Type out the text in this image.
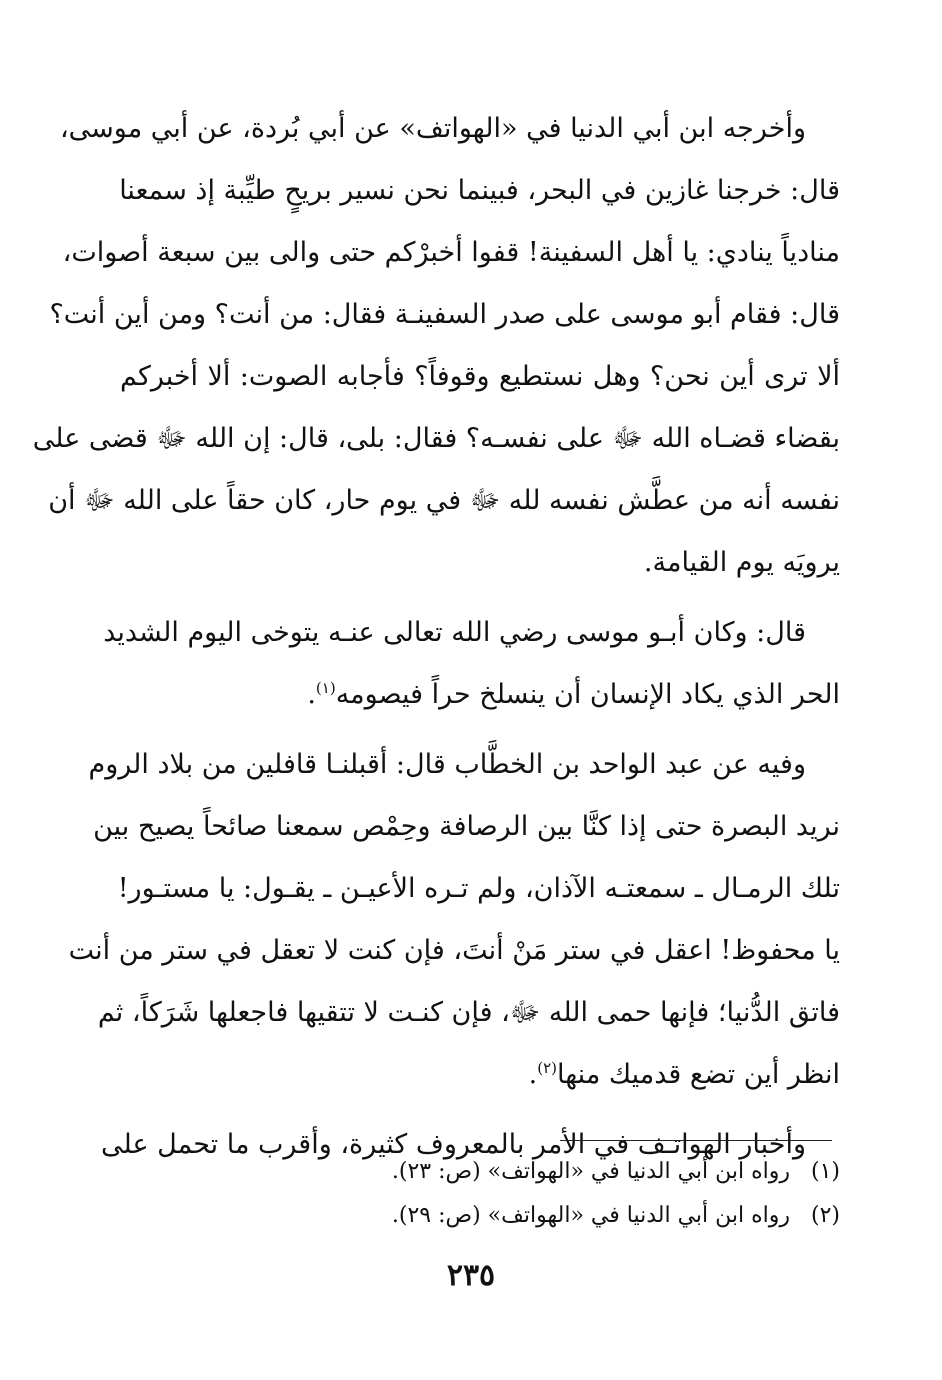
وأخرجه ابن أبي الدنيا في «الهواتف» عن أبي بُردة، عن أبي موسى،
قال: خرجنا غازين في البحر، فبينما نحن نسير بريحٍ طيِّبة إذ سمعنا
منادياً ينادي: يا أهل السفينة! قفوا أخبرْكم حتى والى بين سبعة أصوات،
قال: فقام أبو موسى على صدر السفينـة فقال: من أنت؟ ومن أين أنت؟
ألا ترى أين نحن؟ وهل نستطيع وقوفاً؟ فأجابه الصوت: ألا أخبركم
بقضاء قضـاه الله ﷻ على نفسـه؟ فقال: بلى، قال: إن الله ﷻ قضى على
نفسه أنه من عطَّش نفسه لله ﷻ في يوم حار، كان حقاً على الله ﷻ أن
يرويَه يوم القيامة.

قال: وكان أبـو موسى رضي الله تعالى عنـه يتوخى اليوم الشديد
الحر الذي يكاد الإنسان أن ينسلخ حراً فيصومه$^{(١)}$.

وفيه عن عبد الواحد بن الخطَّاب قال: أقبلنـا قافلين من بلاد الروم
نريد البصرة حتى إذا كنَّا بين الرصافة وحِمْص سمعنا صائحاً يصيح بين
تلك الرمـال ـ سمعتـه الآذان، ولم تـره الأعيـن ـ يقـول: يا مستـور!
يا محفوظ! اعقل في ستر مَنْ أنتَ، فإن كنت لا تعقل في ستر من أنت
فاتق الدُّنيا؛ فإنها حمى الله ﷻ، فإن كنـت لا تتقيها فاجعلها شَرَكاً، ثم
انظر أين تضع قدميك منها$^{(٢)}$.

وأخبار الهواتـف في الأمر بالمعروف كثيرة، وأقرب ما تحمل على

(١)رواه ابن أبي الدنيا في «الهواتف» (ص: ٢٣).
(٢)رواه ابن أبي الدنيا في «الهواتف» (ص: ٢٩).
٢٣٥
